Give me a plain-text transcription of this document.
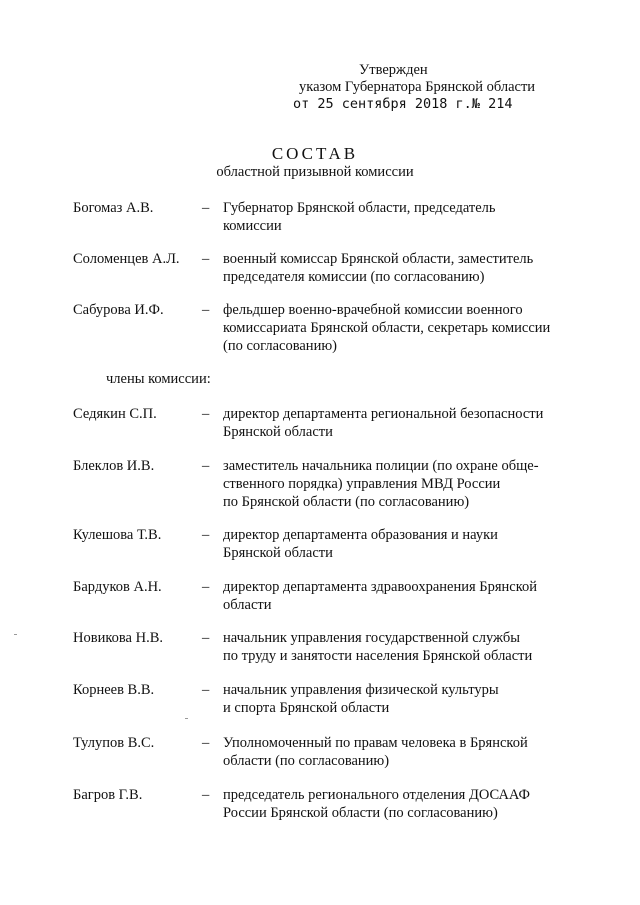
Утвержден
указом Губернатора Брянской области
от 25 сентября 2018 г.№ 214
СОСТАВ
областной призывной комиссии
Богомаз А.В.	– Губернатор Брянской области, председатель
комиссии
Соломенцев А.Л. – военный комиссар Брянской области, заместитель
председателя комиссии (по согласованию)
Сабурова И.Ф.	– фельдшер военно-врачебной комиссии военного
комиссариата Брянской области, секретарь комиссии
(по согласованию)
члены комиссии:
Седякин С.П.	– директор департамента региональной безопасности
Брянской области
Блеклов И.В.	– заместитель начальника полиции (по охране обще-
ственного порядка) управления МВД России
по Брянской области (по согласованию)
Кулешова Т.В.	– директор департамента образования и науки
Брянской области
Бардуков А.Н.	– директор департамента здравоохранения Брянской
области
Новикова Н.В.	– начальник управления государственной службы
по труду и занятости населения Брянской области
Корнеев В.В.	– начальник управления физической культуры
и спорта Брянской области
Тулупов В.С.	– Уполномоченный по правам человека в Брянской
области (по согласованию)
Багров Г.В.	– председатель регионального отделения ДОСААФ
России Брянской области (по согласованию)
